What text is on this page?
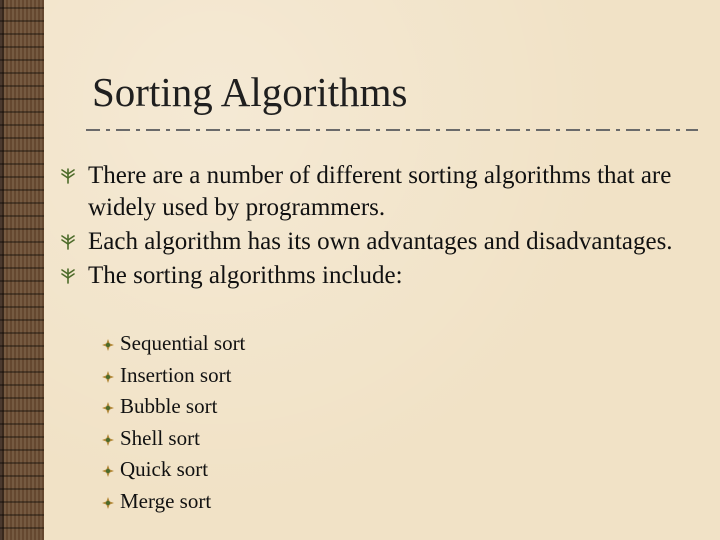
Sorting Algorithms
There are a number of different sorting algorithms that are widely used by programmers.
Each algorithm has its own advantages and disadvantages.
The sorting algorithms include:
Sequential sort
Insertion sort
Bubble sort
Shell sort
Quick sort
Merge sort
